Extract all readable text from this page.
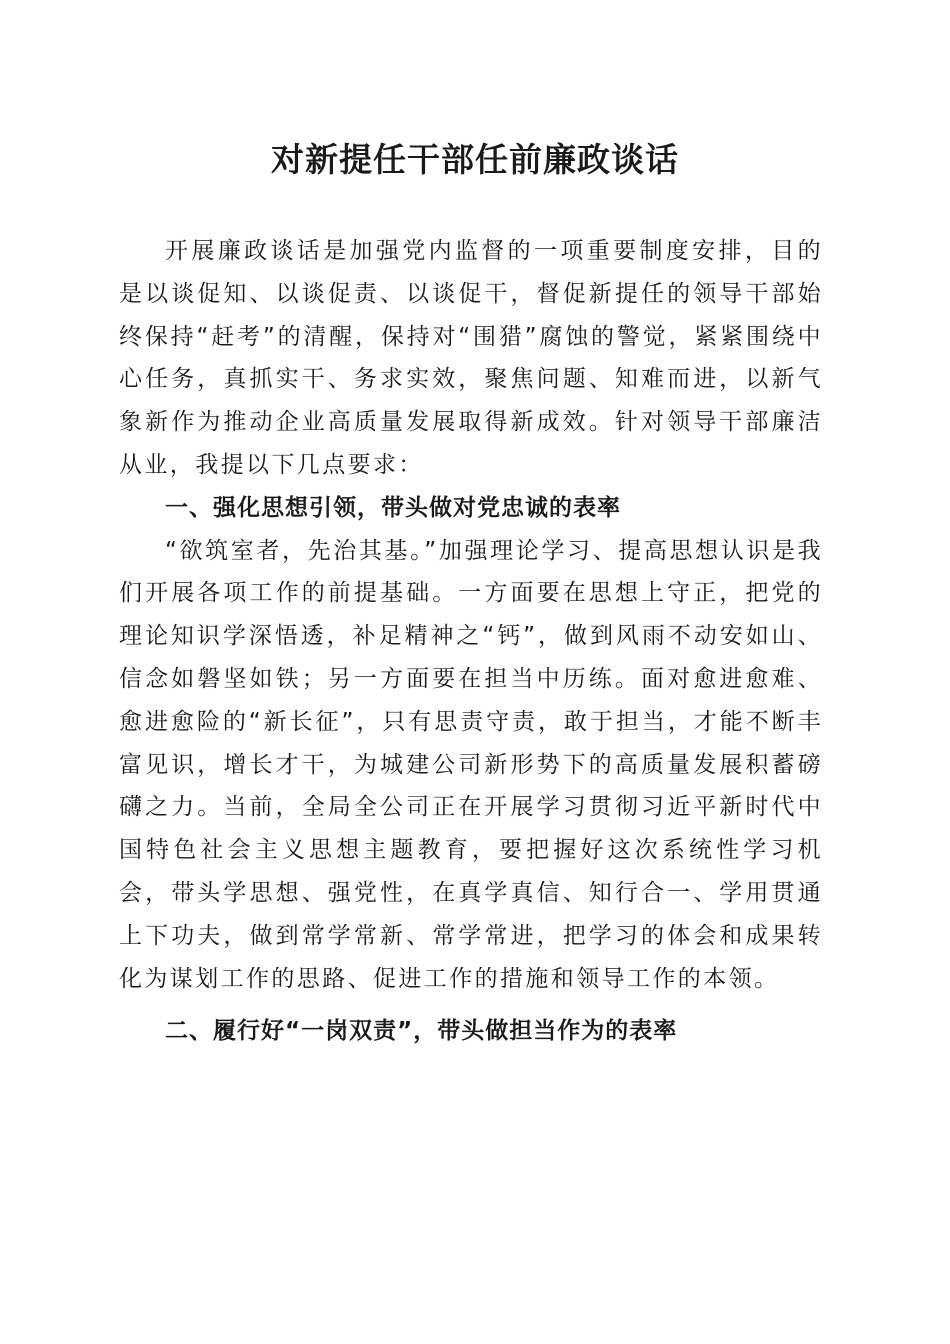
对新提任干部任前廉政谈话

开展廉政谈话是加强党内监督的一项重要制度安排，目的是以谈促知、以谈促责、以谈促干，督促新提任的领导干部始终保持“赶考”的清醒，保持对“围猎”腐蚀的警觉，紧紧围绕中心任务，真抓实干、务求实效，聚焦问题、知难而进，以新气象新作为推动企业高质量发展取得新成效。针对领导干部廉洁从业，我提以下几点要求：

一、强化思想引领，带头做对党忠诚的表率

“欲筑室者，先治其基。”加强理论学习、提高思想认识是我们开展各项工作的前提基础。一方面要在思想上守正，把党的理论知识学深悟透，补足精神之“钙”，做到风雨不动安如山、信念如磐坚如铁；另一方面要在担当中历练。面对愈进愈难、愈进愈险的“新长征”，只有思责守责，敢于担当，才能不断丰富见识，增长才干，为城建公司新形势下的高质量发展积蓄磅礴之力。当前，全局全公司正在开展学习贯彻习近平新时代中国特色社会主义思想主题教育，要把握好这次系统性学习机会，带头学思想、强党性，在真学真信、知行合一、学用贯通上下功夫，做到常学常新、常学常进，把学习的体会和成果转化为谋划工作的思路、促进工作的措施和领导工作的本领。

二、履行好“一岗双责”，带头做担当作为的表率
